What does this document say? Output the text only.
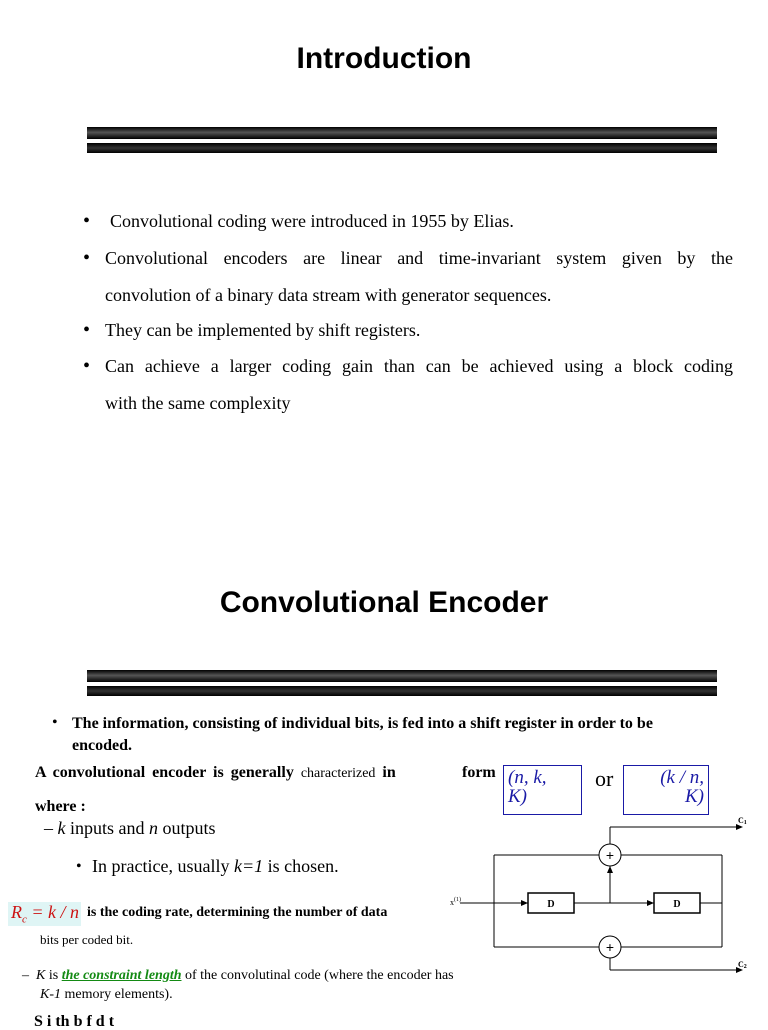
Introduction
• Convolutional coding were introduced in 1955 by Elias.
• Convolutional encoders are linear and time-invariant system given by the
convolution of a binary data stream with generator sequences.
• They can be implemented by shift registers.
• Can achieve a larger coding gain than can be achieved using a block coding
with the same complexity
Convolutional Encoder
• The information, consisting of individual bits, is fed into a shift register in order to be
encoded.
A convolutional encoder is generally characterized in	form
where :
(n, k,
K)
or	(k / n,
K)
– k inputs and n outputs
• In practice, usually k=1 is chosen.
$R_c = k / n$ is the coding rate, determining the number of data
bits per coded bit.
– K is the constraint length of the convolutinal code (where the encoder has
K-1 memory elements).
S i th b f d t
D	D
+
+
C1
C2
$x^{(1)}$
